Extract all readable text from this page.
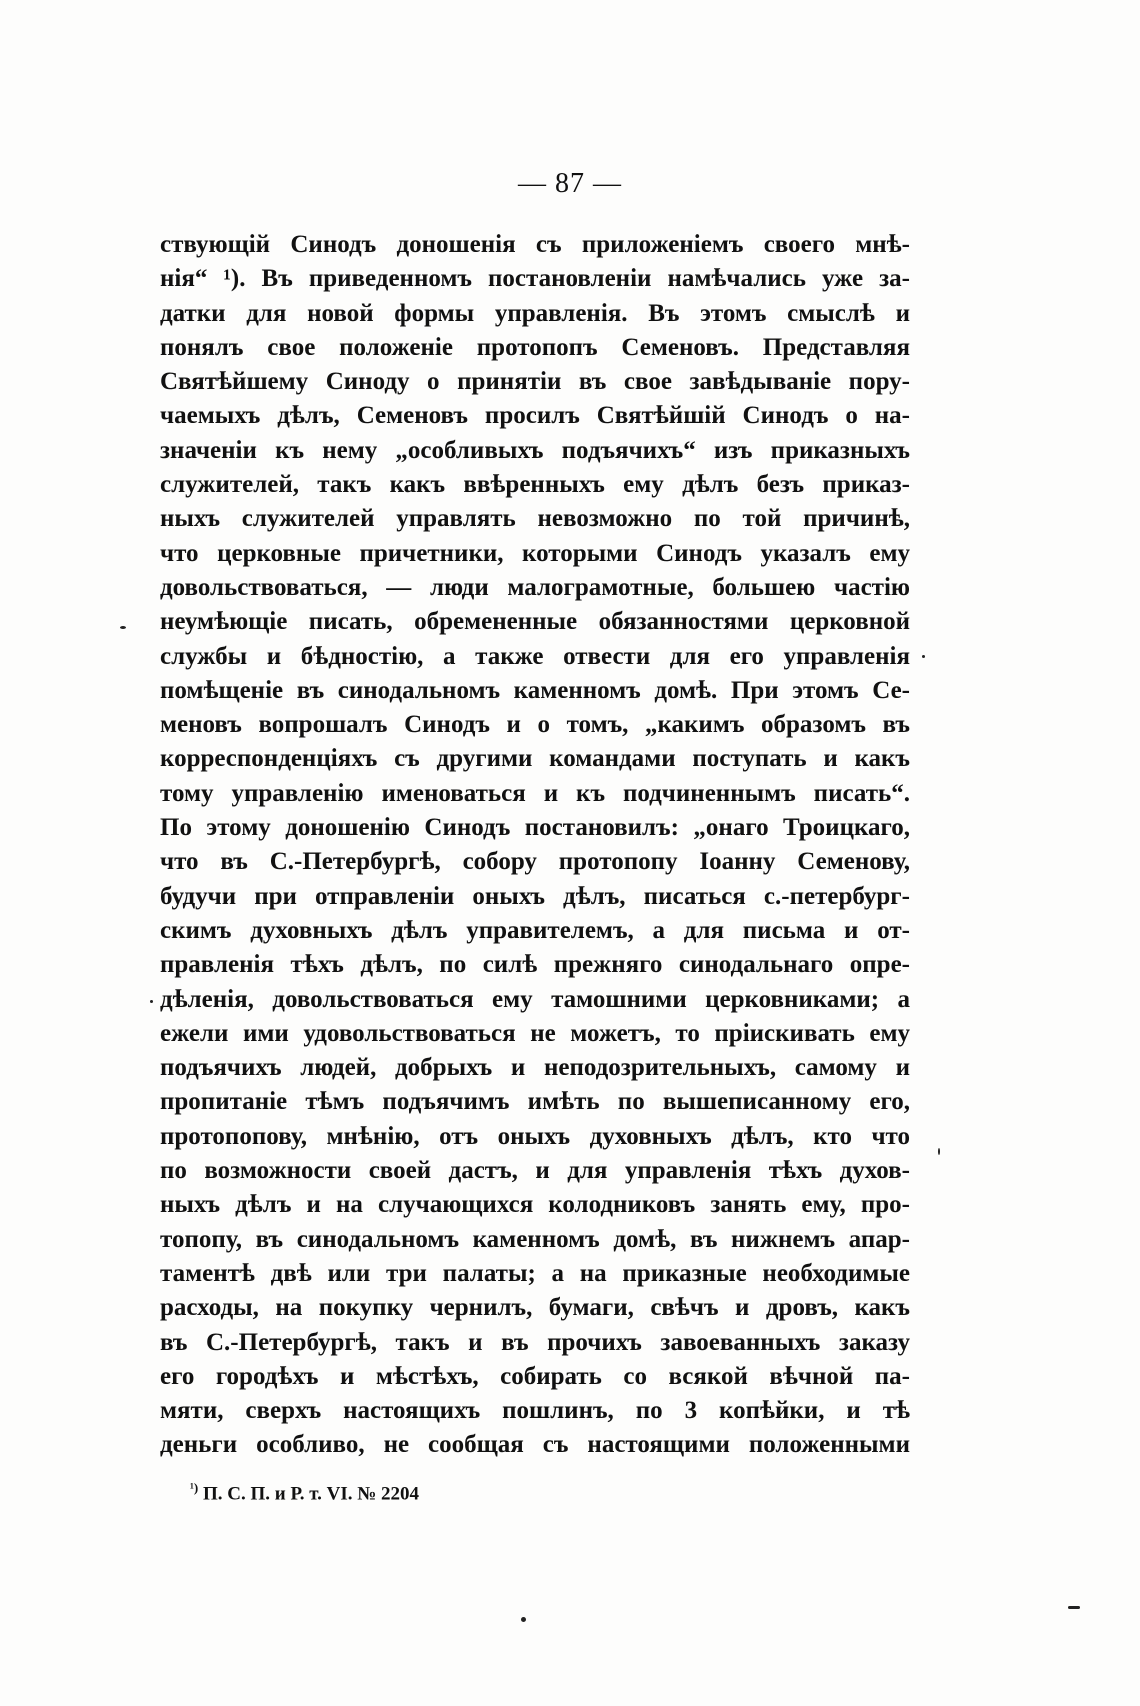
— 87 —
ствующій Синодъ доношенія съ приложеніемъ своего мнѣ-
нія“ ¹). Въ приведенномъ постановленіи намѣчались уже за-
датки для новой формы управленія. Въ этомъ смыслѣ и
понялъ свое положеніе протопопъ Семеновъ. Представляя
Святѣйшему Синоду о принятіи въ свое завѣдываніе пору-
чаемыхъ дѣлъ, Семеновъ просилъ Святѣйшій Синодъ о на-
значеніи къ нему „особливыхъ подъячихъ“ изъ приказныхъ
служителей, такъ какъ ввѣренныхъ ему дѣлъ безъ приказ-
ныхъ служителей управлять невозможно по той причинѣ,
что церковные причетники, которыми Синодъ указалъ ему
довольствоваться, — люди малограмотные, большею частію
неумѣющіе писать, обремененные обязанностями церковной
службы и бѣдностію, а также отвести для его управленія
помѣщеніе въ синодальномъ каменномъ домѣ. При этомъ Се-
меновъ вопрошалъ Синодъ и о томъ, „какимъ образомъ въ
корреспонденціяхъ съ другими командами поступать и какъ
тому управленію именоваться и къ подчиненнымъ писать“.
По этому доношенію Синодъ постановилъ: „онаго Троицкаго,
что въ С.-Петербургѣ, собору протопопу Іоанну Семенову,
будучи при отправленіи оныхъ дѣлъ, писаться с.-петербург-
скимъ духовныхъ дѣлъ управителемъ, а для письма и от-
правленія тѣхъ дѣлъ, по силѣ прежняго синодальнаго опре-
дѣленія, довольствоваться ему тамошними церковниками; а
ежели ими удовольствоваться не можетъ, то пріискивать ему
подъячихъ людей, добрыхъ и неподозрительныхъ, самому и
пропитаніе тѣмъ подъячимъ имѣть по вышеписанному его,
протопопову, мнѣнію, отъ оныхъ духовныхъ дѣлъ, кто что
по возможности своей дастъ, и для управленія тѣхъ духов-
ныхъ дѣлъ и на случающихся колодниковъ занять ему, про-
топопу, въ синодальномъ каменномъ домѣ, въ нижнемъ апар-
таментѣ двѣ или три палаты; а на приказные необходимые
расходы, на покупку чернилъ, бумаги, свѣчъ и дровъ, какъ
въ С.-Петербургѣ, такъ и въ прочихъ завоеванныхъ заказу
его городѣхъ и мѣстѣхъ, собирать со всякой вѣчной па-
мяти, сверхъ настоящихъ пошлинъ, по 3 копѣйки, и тѣ
деньги особливо, не сообщая съ настоящими положенными
$^{^1)}$ П. С. П. и Р. т. VI. № 2204
